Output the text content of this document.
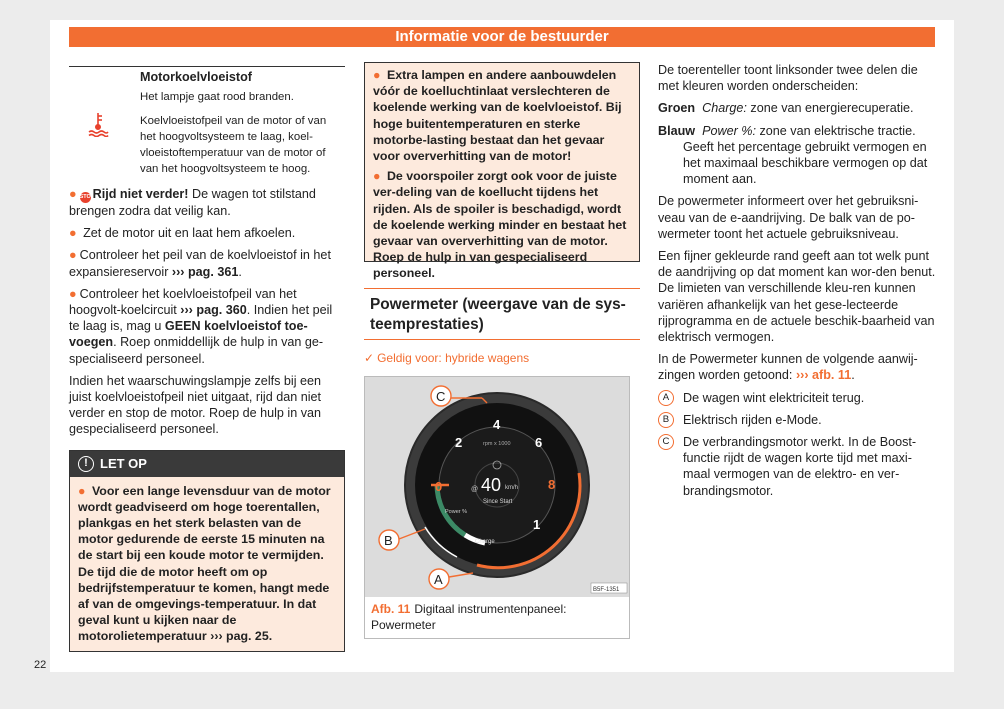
Informatie voor de bestuurder
22
Motorkoelvloeistof
Het lampje gaat rood branden.
Koelvloeistofpeil van de motor of van het hoogvoltsysteem te laag, koel-vloeistoftemperatuur van de motor of van het hoogvoltsysteem te hoog.

● STOPRijd niet verder! De wagen tot stilstand brengen zodra dat veilig kan.

● Zet de motor uit en laat hem afkoelen.

● Controleer het peil van de koelvloeistof in het expansiereservoir ››› pag. 361.

● Controleer het koelvloeistofpeil van het hoogvolt-koelcircuit ››› pag. 360. Indien het peil te laag is, mag u GEEN koelvloeistof toe-voegen. Roep onmiddellijk de hulp in van ge-specialiseerd personeel.

Indien het waarschuwingslampje zelfs bij een juist koelvloeistofpeil niet uitgaat, rijd dan niet verder en stop de motor. Roep de hulp in van gespecialiseerd personeel.

! LET OP
● Voor een lange levensduur van de motor wordt geadviseerd om hoge toerentallen, plankgas en het sterk belasten van de motor gedurende de eerste 15 minuten na de start bij een koude motor te vermijden. De tijd die de motor heeft om op bedrijfstemperatuur te komen, hangt mede af van de omgevings-temperatuur. In dat geval kunt u kijken naar de motorolietemperatuur ››› pag. 25.

● Extra lampen en andere aanbouwdelen vóór de koelluchtinlaat verslechteren de koelende werking van de koelvloeistof. Bij hoge buitentemperaturen en sterke motorbe-lasting bestaat dan het gevaar voor oververhitting van de motor!

● De voorspoiler zorgt ook voor de juiste ver-deling van de koellucht tijdens het rijden. Als de spoiler is beschadigd, wordt de koelende werking minder en bestaat het gevaar van oververhitting van de motor. Roep de hulp in van gespecialiseerd personeel.

Powermeter (weergave van de sys-teemprestaties)
✓ Geldig voor: hybride wagens
2
4
6
8
0
1
rpm x 1000
@ 40 km/h
Since Start
Power %
Charge
C
B
A
B5F-1351
Afb. 11 Digitaal instrumentenpaneel: Powermeter

De toerenteller toont linksonder twee delen die met kleuren worden onderscheiden:

Groen Charge: zone van energierecuperatie.
Blauw Power %: zone van elektrische tractie. Geeft het percentage gebruikt vermogen en het maximaal beschikbare vermogen op dat moment aan.

De powermeter informeert over het gebruiksni-veau van de e-aandrijving. De balk van de po-wermeter toont het actuele gebruiksniveau.

Een fijner gekleurde rand geeft aan tot welk punt de aandrijving op dat moment kan wor-den benut. De limieten van verschillende kleu-ren kunnen variëren afhankelijk van het gese-lecteerde rijprogramma en de actuele beschik-baarheid van elektrisch vermogen.

In de Powermeter kunnen de volgende aanwij-zingen worden getoond: ››› afb. 11.

A	De wagen wint elektriciteit terug.
B	Elektrisch rijden e-Mode.
C	De verbrandingsmotor werkt. In de Boost-functie rijdt de wagen korte tijd met maxi-maal vermogen van de elektro- en ver-brandingsmotor.
